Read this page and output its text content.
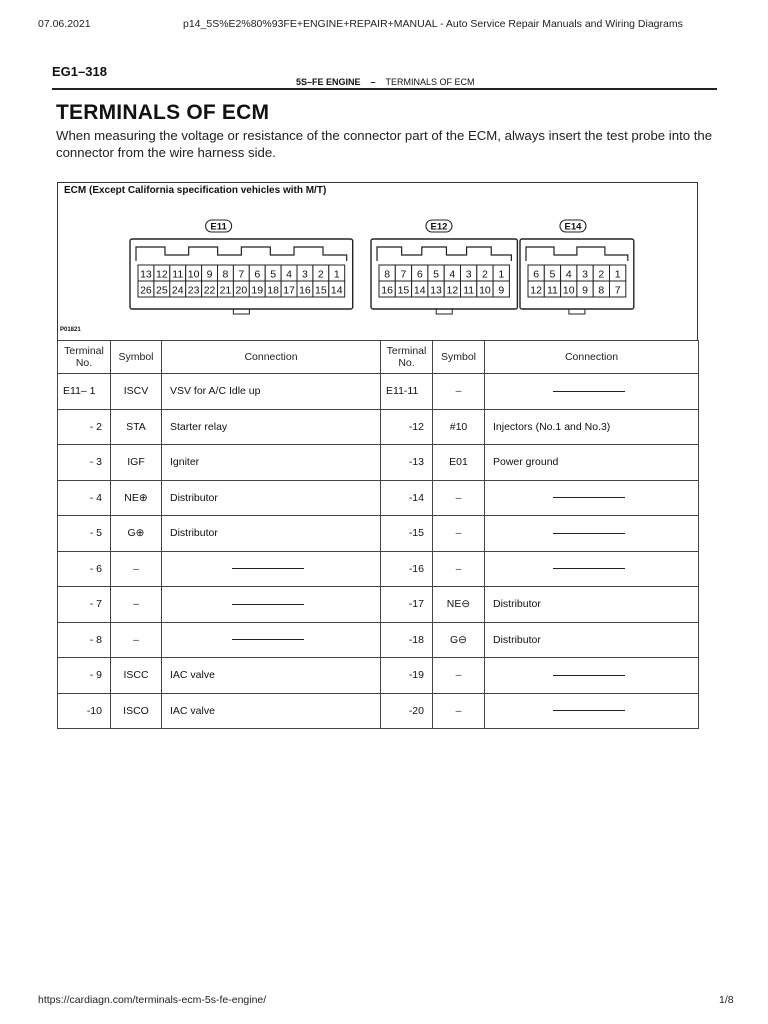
07.06.2021	p14_5S%E2%80%93FE+ENGINE+REPAIR+MANUAL - Auto Service Repair Manuals and Wiring Diagrams
EG1–318
5S–FE ENGINE – TERMINALS OF ECM
TERMINALS OF ECM
When measuring the voltage or resistance of the connector part of the ECM, always insert the test probe into the connector from the wire harness side.
ECM (Except California specification vehicles with M/T)
13 12 11 10 9 8 7 6 5 4 3 2 1
26 25 24 23 22 21 20 19 18 17 16 15 14
E11
8 7 6 5 4 3 2 1
16 15 14 13 12 11 10 9
E12
6 5 4 3 2 1
12 11 10 9 8 7
E14
P01821
Terminal No.	Symbol	Connection	Terminal No.	Symbol	Connection
E11– 1	ISCV	VSV for A/C Idle up	E11-11	–	
- 2	STA	Starter relay	-12	#10	Injectors (No.1 and No.3)
- 3	IGF	Igniter	-13	E01	Power ground
- 4	NE⊕	Distributor	-14	–	
- 5	G⊕	Distributor	-15	–	
- 6	–		-16	–	
- 7	–		-17	NE⊖	Distributor
- 8	–		-18	G⊖	Distributor
- 9	ISCC	IAC valve	-19	–	
-10	ISCO	IAC valve	-20	–	
https://cardiagn.com/terminals-ecm-5s-fe-engine/	1/8
